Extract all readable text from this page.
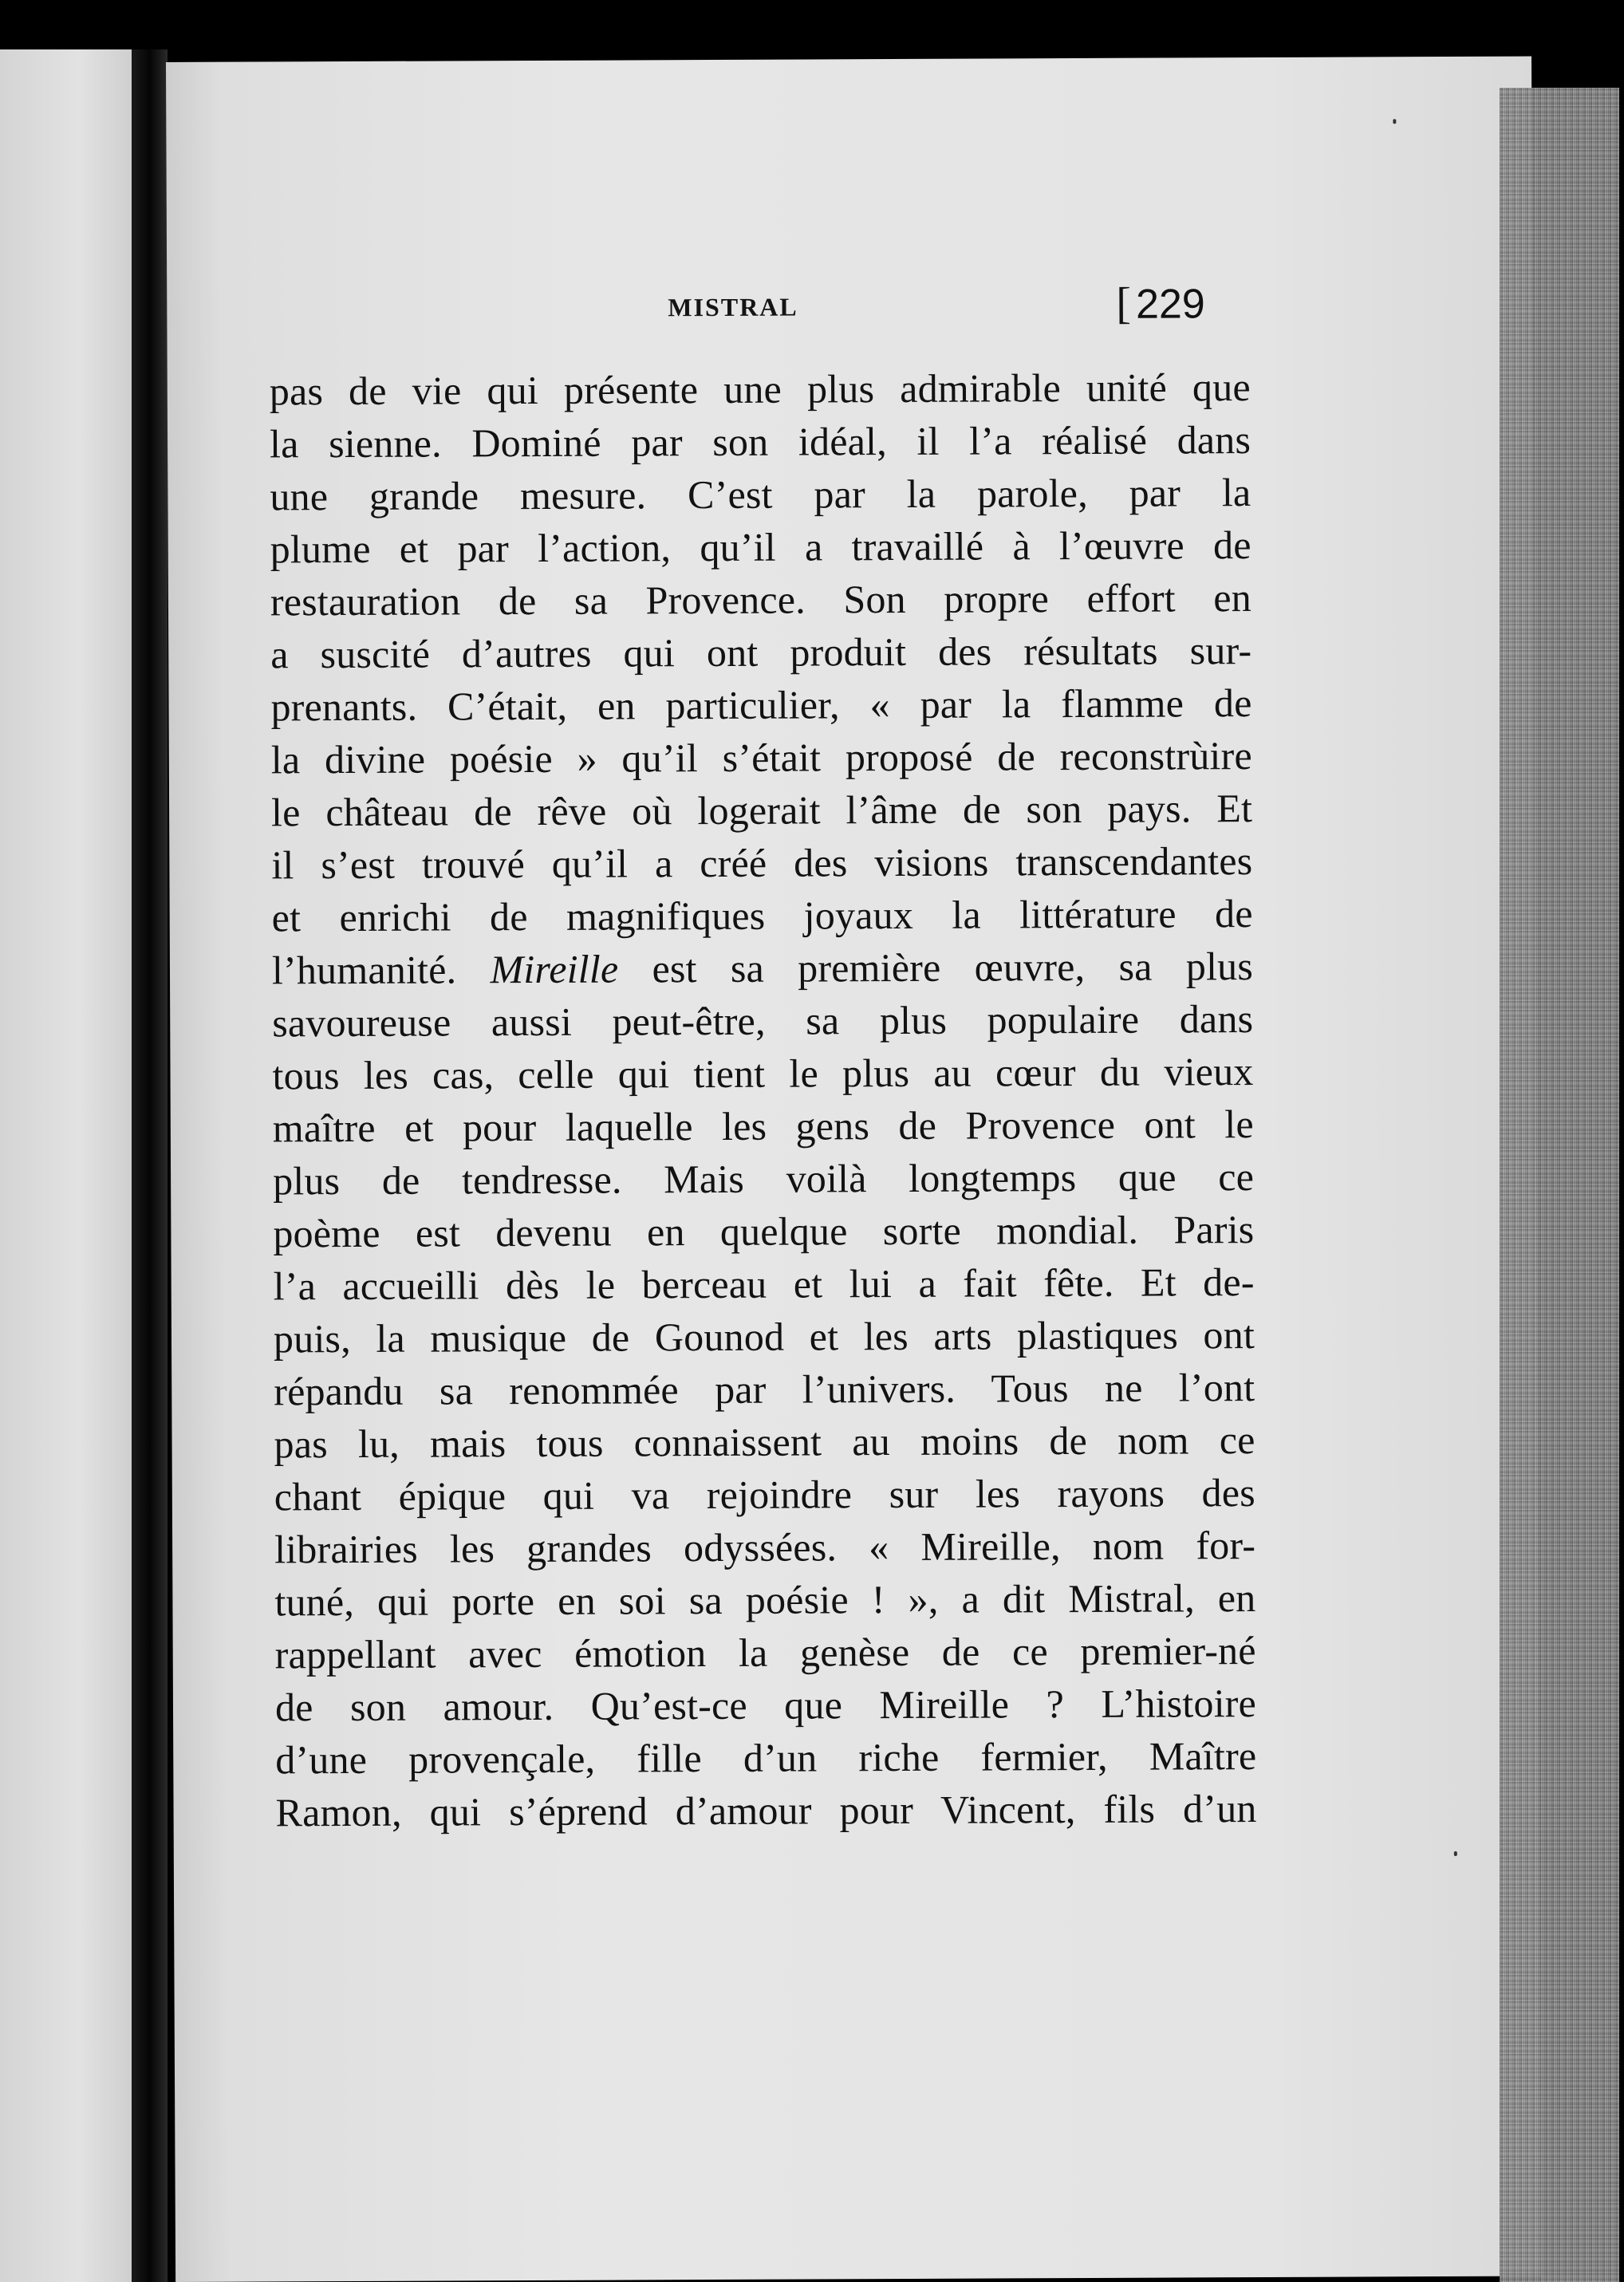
MISTRAL	[ 229
pas de vie qui présente une plus admirable unité que
la sienne. Dominé par son idéal, il l’a réalisé dans
une grande mesure. C’est par la parole, par la
plume et par l’action, qu’il a travaillé à l’œuvre de
restauration de sa Provence. Son propre effort en
a suscité d’autres qui ont produit des résultats sur-
prenants. C’était, en particulier, « par la flamme de
la divine poésie » qu’il s’était proposé de reconstrùire
le château de rêve où logerait l’âme de son pays. Et
il s’est trouvé qu’il a créé des visions transcendantes
et enrichi de magnifiques joyaux la littérature de
l’humanité. Mireille est sa première œuvre, sa plus
savoureuse aussi peut-être, sa plus populaire dans
tous les cas, celle qui tient le plus au cœur du vieux
maître et pour laquelle les gens de Provence ont le
plus de tendresse. Mais voilà longtemps que ce
poème est devenu en quelque sorte mondial. Paris
l’a accueilli dès le berceau et lui a fait fête. Et de-
puis, la musique de Gounod et les arts plastiques ont
répandu sa renommée par l’univers. Tous ne l’ont
pas lu, mais tous connaissent au moins de nom ce
chant épique qui va rejoindre sur les rayons des
librairies les grandes odyssées. « Mireille, nom for-
tuné, qui porte en soi sa poésie ! », a dit Mistral, en
rappellant avec émotion la genèse de ce premier-né
de son amour. Qu’est-ce que Mireille ? L’histoire
d’une provençale, fille d’un riche fermier, Maître
Ramon, qui s’éprend d’amour pour Vincent, fils d’un
